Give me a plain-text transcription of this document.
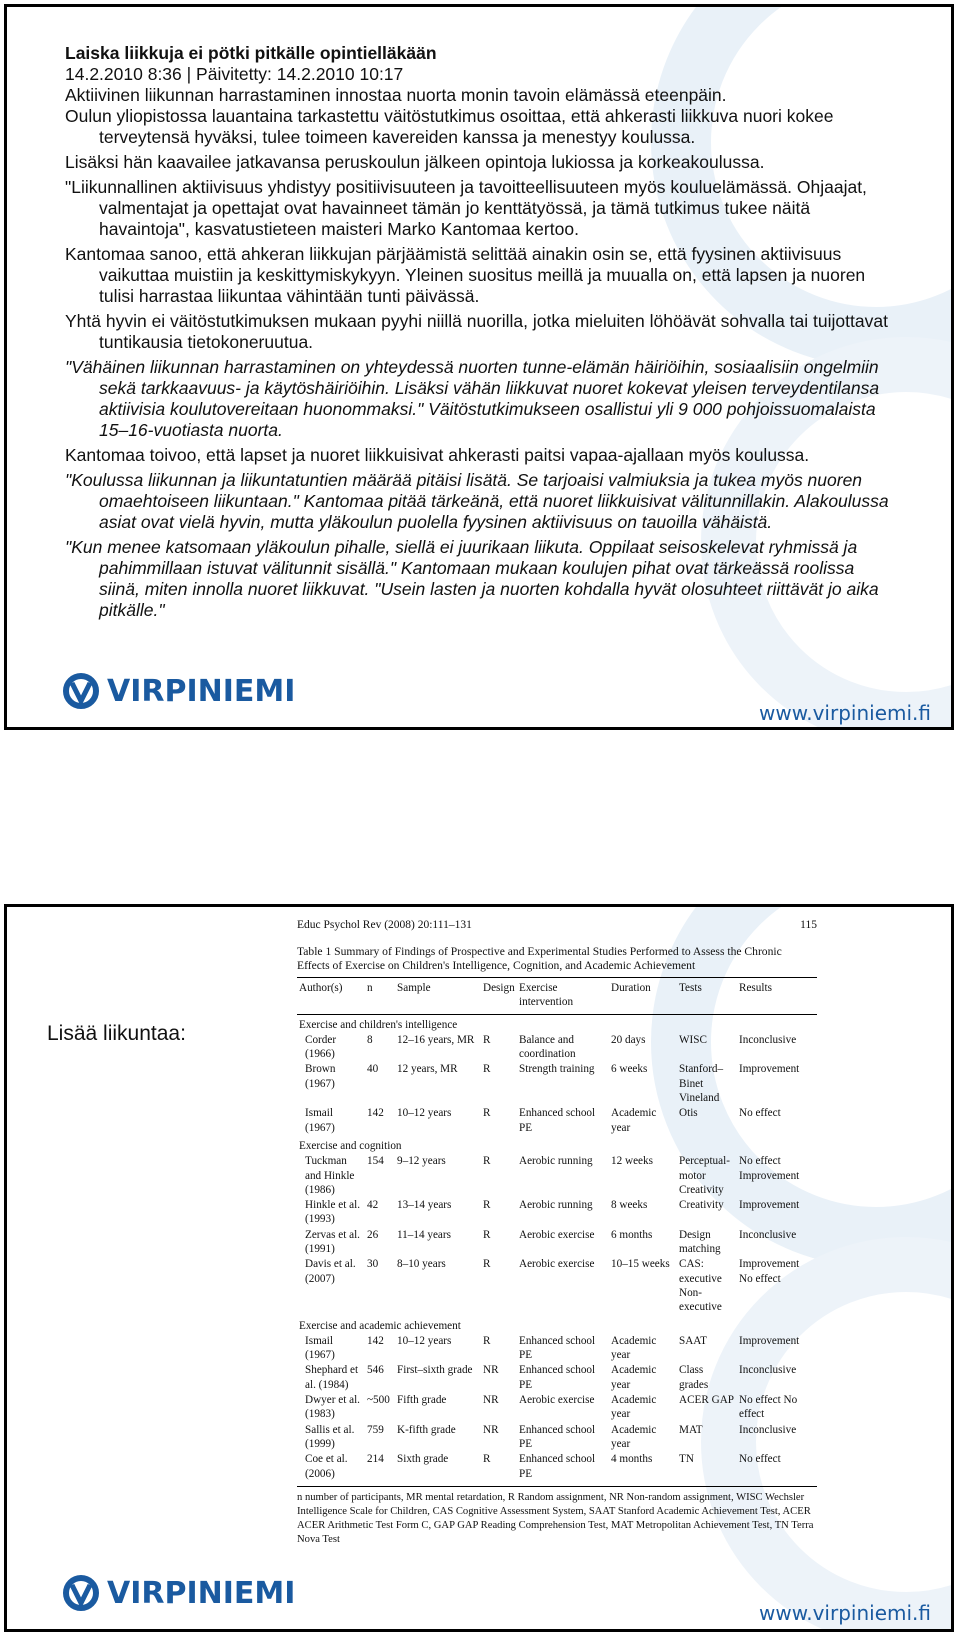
Laiska liikkuja ei pötki pitkälle opintielläkään

14.2.2010 8:36 | Päivitetty: 14.2.2010 10:17

Aktiivinen liikunnan harrastaminen innostaa nuorta monin tavoin elämässä eteenpäin.

Oulun yliopistossa lauantaina tarkastettu väitöstutkimus osoittaa, että ahkerasti liikkuva nuori kokee terveytensä hyväksi, tulee toimeen kavereiden kanssa ja menestyy koulussa.

Lisäksi hän kaavailee jatkavansa peruskoulun jälkeen opintoja lukiossa ja korkeakoulussa.

"Liikunnallinen aktiivisuus yhdistyy positiivisuuteen ja tavoitteellisuuteen myös kouluelämässä. Ohjaajat, valmentajat ja opettajat ovat havainneet tämän jo kenttätyössä, ja tämä tutkimus tukee näitä havaintoja", kasvatustieteen maisteri Marko Kantomaa kertoo.

Kantomaa sanoo, että ahkeran liikkujan pärjäämistä selittää ainakin osin se, että fyysinen aktiivisuus vaikuttaa muistiin ja keskittymiskykyyn. Yleinen suositus meillä ja muualla on, että lapsen ja nuoren tulisi harrastaa liikuntaa vähintään tunti päivässä.

Yhtä hyvin ei väitöstutkimuksen mukaan pyyhi niillä nuorilla, jotka mieluiten löhöävät sohvalla tai tuijottavat tuntikausia tietokoneruutua.

"Vähäinen liikunnan harrastaminen on yhteydessä nuorten tunne-elämän häiriöihin, sosiaalisiin ongelmiin sekä tarkkaavuus- ja käytöshäiriöihin. Lisäksi vähän liikkuvat nuoret kokevat yleisen terveydentilansa aktiivisia koulutovereitaan huonommaksi." Väitöstutkimukseen osallistui yli 9 000 pohjoissuomalaista 15–16-vuotiasta nuorta.

Kantomaa toivoo, että lapset ja nuoret liikkuisivat ahkerasti paitsi vapaa-ajallaan myös koulussa.

"Koulussa liikunnan ja liikuntatuntien määrää pitäisi lisätä. Se tarjoaisi valmiuksia ja tukea myös nuoren omaehtoiseen liikuntaan." Kantomaa pitää tärkeänä, että nuoret liikkuisivat välitunnillakin. Alakoulussa asiat ovat vielä hyvin, mutta yläkoulun puolella fyysinen aktiivisuus on tauoilla vähäistä.

"Kun menee katsomaan yläkoulun pihalle, siellä ei juurikaan liikuta. Oppilaat seisoskelevat ryhmissä ja pahimmillaan istuvat välitunnit sisällä." Kantomaan mukaan koulujen pihat ovat tärkeässä roolissa siinä, miten innolla nuoret liikkuvat. "Usein lasten ja nuorten kohdalla hyvät olosuhteet riittävät jo aika pitkälle."

VIRPINIEMI
www.virpiniemi.fi
Lisää liikuntaa:
Educ Psychol Rev (2008) 20:111–131	115
Table 1 Summary of Findings of Prospective and Experimental Studies Performed to Assess the Chronic Effects of Exercise on Children's Intelligence, Cognition, and Academic Achievement
Author(s)	n	Sample	Design	Exercise intervention	Duration	Tests	Results
Exercise and children's intelligence							
Corder (1966)	8	12–16 years, MR	R	Balance and coordination	20 days	WISC	Inconclusive
Brown (1967)	40	12 years, MR	R	Strength training	6 weeks	Stanford–Binet Vineland	Improvement
Ismail (1967)	142	10–12 years	R	Enhanced school PE	Academic year	Otis	No effect
Exercise and cognition							
Tuckman and Hinkle (1986)	154	9–12 years	R	Aerobic running	12 weeks	Perceptual-motor Creativity	No effect Improvement
Hinkle et al. (1993)	42	13–14 years	R	Aerobic running	8 weeks	Creativity	Improvement
Zervas et al. (1991)	26	11–14 years	R	Aerobic exercise	6 months	Design matching	Inconclusive
Davis et al. (2007)	30	8–10 years	R	Aerobic exercise	10–15 weeks	CAS: executive Non-executive	Improvement No effect
Exercise and academic achievement							
Ismail (1967)	142	10–12 years	R	Enhanced school PE	Academic year	SAAT	Improvement
Shephard et al. (1984)	546	First–sixth grade	NR	Enhanced school PE	Academic year	Class grades	Inconclusive
Dwyer et al. (1983)	~500	Fifth grade	NR	Aerobic exercise	Academic year	ACER GAP	No effect No effect
Sallis et al. (1999)	759	K-fifth grade	NR	Enhanced school PE	Academic year	MAT	Inconclusive
Coe et al. (2006)	214	Sixth grade	R	Enhanced school PE	4 months	TN	No effect
n number of participants, MR mental retardation, R Random assignment, NR Non-random assignment, WISC Wechsler Intelligence Scale for Children, CAS Cognitive Assessment System, SAAT Stanford Academic Achievement Test, ACER ACER Arithmetic Test Form C, GAP GAP Reading Comprehension Test, MAT Metropolitan Achievement Test, TN Terra Nova Test
VIRPINIEMI
www.virpiniemi.fi
